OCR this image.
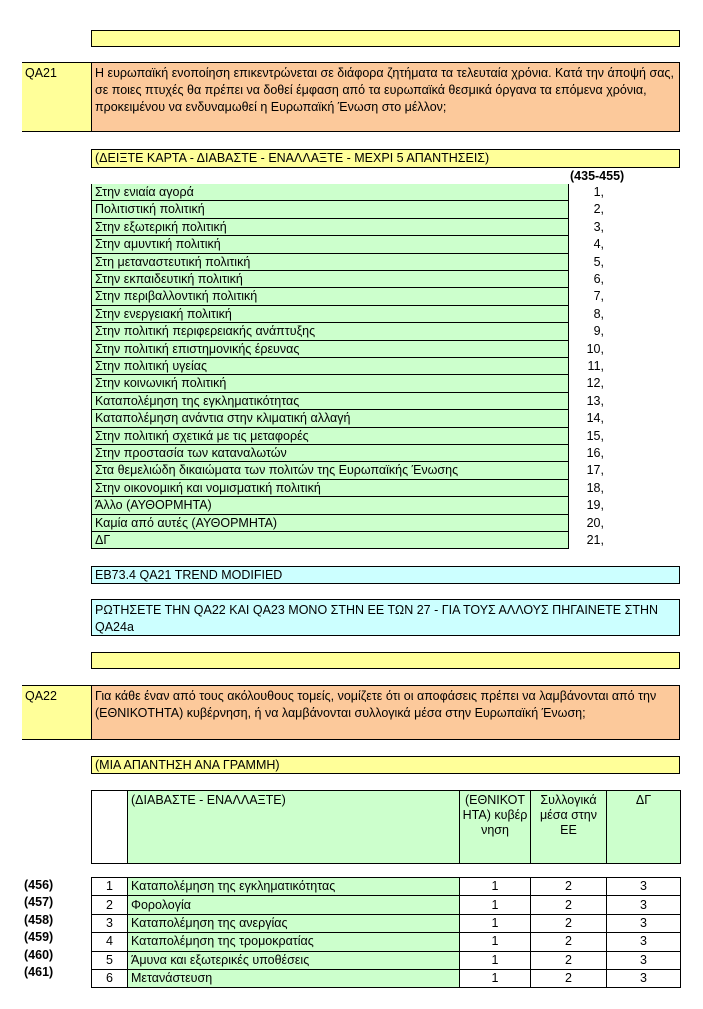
QA21	Η ευρωπαϊκή ενοποίηση επικεντρώνεται σε διάφορα ζητήματα τα τελευταία χρόνια. Κατά την άποψή σας, σε ποιες πτυχές θα πρέπει να δοθεί έμφαση από τα ευρωπαϊκά θεσμικά όργανα τα επόμενα χρόνια, προκειμένου να ενδυναμωθεί η Ευρωπαϊκή Ένωση στο μέλλον;
(ΔΕΙΞΤΕ ΚΑΡΤΑ - ΔΙΑΒΑΣΤΕ - ΕΝΑΛΛΑΞΤΕ - ΜΕΧΡΙ 5 ΑΠΑΝΤΗΣΕΙΣ)
(435-455)
Στην ενιαία αγορά	1,
Πολιτιστική πολιτική	2,
Στην εξωτερική πολιτική	3,
Στην αμυντική πολιτική	4,
Στη μεταναστευτική πολιτική	5,
Στην εκπαιδευτική πολιτική	6,
Στην περιβαλλοντική πολιτική	7,
Στην ενεργειακή πολιτική	8,
Στην πολιτική περιφερειακής ανάπτυξης	9,
Στην πολιτική επιστημονικής έρευνας	10,
Στην πολιτική υγείας	11,
Στην κοινωνική πολιτική	12,
Καταπολέμηση της εγκληματικότητας	13,
Καταπολέμηση ανάντια στην κλιματική αλλαγή	14,
Στην πολιτική σχετικά με τις μεταφορές	15,
Στην προστασία των καταναλωτών	16,
Στα θεμελιώδη δικαιώματα των πολιτών της Ευρωπαϊκής Ένωσης	17,
Στην οικονομική και νομισματική πολιτική	18,
Άλλο (ΑΥΘΟΡΜΗΤΑ)	19,
Καμία από αυτές (ΑΥΘΟΡΜΗΤΑ)	20,
ΔΓ	21,
EB73.4 QA21 TREND MODIFIED
ΡΩΤΗΣΕΤΕ ΤΗΝ QA22 ΚΑΙ QA23 ΜΟΝΟ ΣΤΗΝ ΕΕ ΤΩΝ 27 - ΓΙΑ ΤΟΥΣ ΑΛΛΟΥΣ ΠΗΓΑΙΝΕΤΕ ΣΤΗΝ QA24a
QA22	Για κάθε έναν από τους ακόλουθους τομείς, νομίζετε ότι οι αποφάσεις πρέπει να λαμβάνονται από την (ΕΘΝΙΚΟΤΗΤΑ) κυβέρνηση, ή να λαμβάνονται συλλογικά μέσα στην Ευρωπαϊκή Ένωση;
(ΜΙΑ ΑΠΑΝΤΗΣΗ ΑΝΑ ΓΡΑΜΜΗ)
	(ΔΙΑΒΑΣΤΕ - ΕΝΑΛΛΑΞΤΕ)	(ΕΘΝΙΚΟΤ ΗΤΑ) κυβέρνηση	Συλλογικά μέσα στην ΕΕ	ΔΓ
(456)
(457)
(458)
(459)
(460)
(461)
1	Καταπολέμηση της εγκληματικότητας	1	2	3
2	Φορολογία	1	2	3
3	Καταπολέμηση της ανεργίας	1	2	3
4	Καταπολέμηση της τρομοκρατίας	1	2	3
5	Άμυνα και εξωτερικές υποθέσεις	1	2	3
6	Μετανάστευση	1	2	3
